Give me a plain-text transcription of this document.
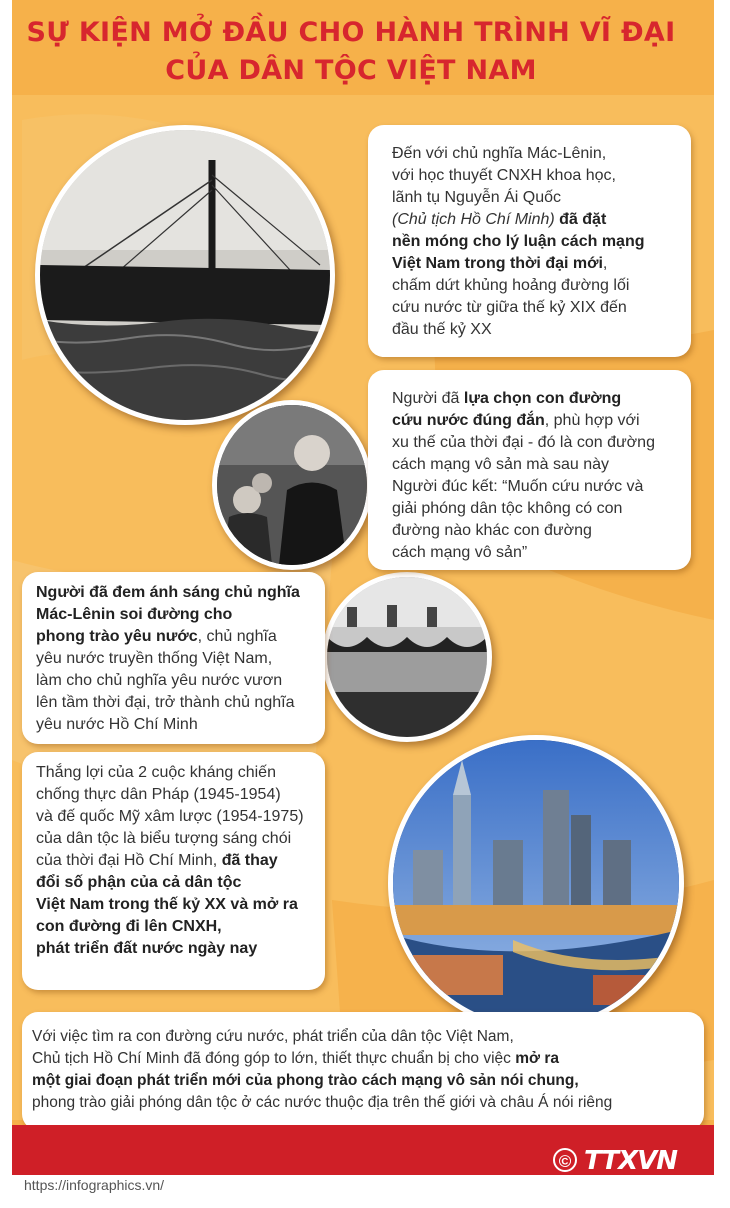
SỰ KIỆN MỞ ĐẦU CHO HÀNH TRÌNH VĨ ĐẠI
CỦA DÂN TỘC VIỆT NAM
Đến với chủ nghĩa Mác-Lênin,
với học thuyết CNXH khoa học,
lãnh tụ Nguyễn Ái Quốc
(Chủ tịch Hồ Chí Minh) đã đặt
nền móng cho lý luận cách mạng
Việt Nam trong thời đại mới,
chấm dứt khủng hoảng đường lối
cứu nước từ giữa thế kỷ XIX đến
đầu thế kỷ XX
Người đã lựa chọn con đường
cứu nước đúng đắn, phù hợp với
xu thế của thời đại - đó là con đường
cách mạng vô sản mà sau này
Người đúc kết: “Muốn cứu nước và
giải phóng dân tộc không có con
đường nào khác con đường
cách mạng vô sản”
Người đã đem ánh sáng chủ nghĩa
Mác-Lênin soi đường cho
phong trào yêu nước, chủ nghĩa
yêu nước truyền thống Việt Nam,
làm cho chủ nghĩa yêu nước vươn
lên tầm thời đại, trở thành chủ nghĩa
yêu nước Hồ Chí Minh
Thắng lợi của 2 cuộc kháng chiến
chống thực dân Pháp (1945-1954)
và đế quốc Mỹ xâm lược (1954-1975)
của dân tộc là biểu tượng sáng chói
của thời đại Hồ Chí Minh, đã thay
đổi số phận của cả dân tộc
Việt Nam trong thế kỷ XX và mở ra
con đường đi lên CNXH,
phát triển đất nước ngày nay
Với việc tìm ra con đường cứu nước, phát triển của dân tộc Việt Nam,
Chủ tịch Hồ Chí Minh đã đóng góp to lớn, thiết thực chuẩn bị cho việc mở ra
một giai đoạn phát triển mới của phong trào cách mạng vô sản nói chung,
phong trào giải phóng dân tộc ở các nước thuộc địa trên thế giới và châu Á nói riêng
© TTXVN
Vietnam News Agency
https://infographics.vn/
